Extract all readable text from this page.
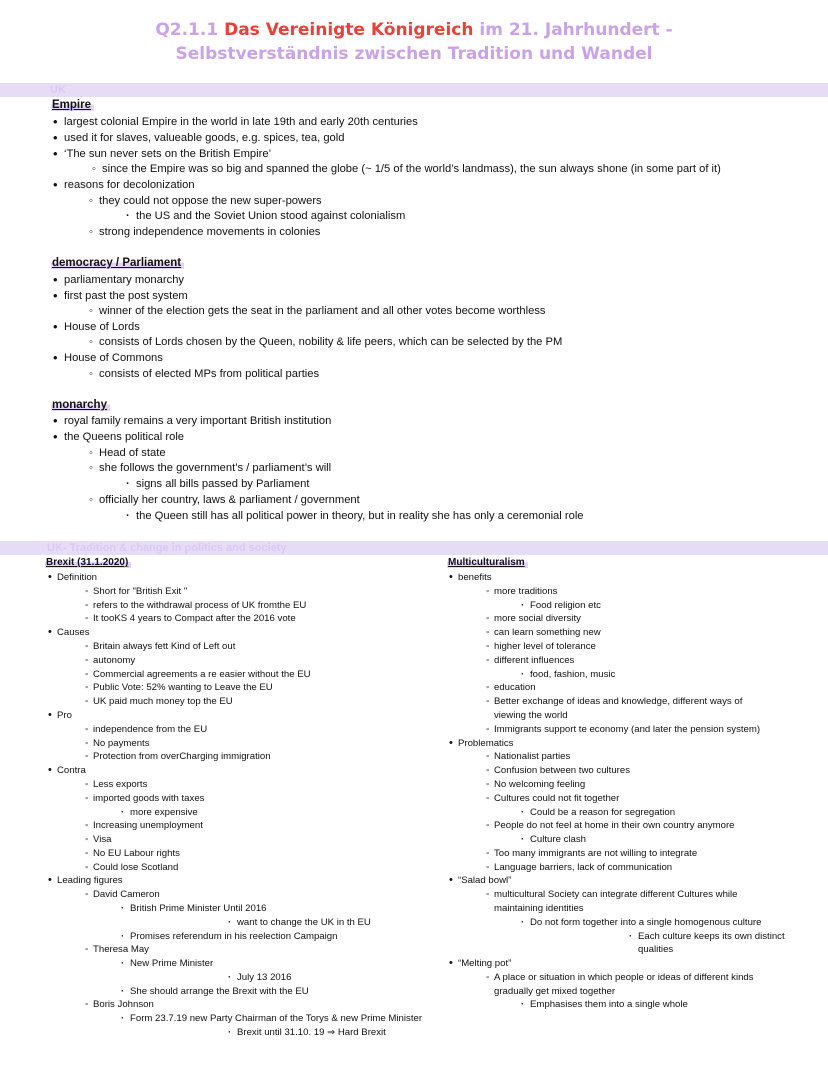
Q2.1.1 Das Vereinigte Königreich im 21. Jahrhundert -
Selbstverständnis zwischen Tradition und Wandel
UK
Empire
• largest colonial Empire in the world in late 19th and early 20th centuries
• used it for slaves, valueable goods, e.g. spices, tea, gold
• ‘The sun never sets on the British Empire’
◦ since the Empire was so big and spanned the globe (~ 1/5 of the world’s landmass), the sun always shone (in some part of it)
• reasons for decolonization
◦ they could not oppose the new super-powers
· the US and the Soviet Union stood against colonialism
◦ strong independence movements in colonies
democracy / Parliament
• parliamentary monarchy
• first past the post system
◦ winner of the election gets the seat in the parliament and all other votes become worthless
• House of Lords
◦ consists of Lords chosen by the Queen, nobility & life peers, which can be selected by the PM
• House of Commons
◦ consists of elected MPs from political parties
monarchy
• royal family remains a very important British institution
• the Queens political role
◦ Head of state
◦ she follows the government’s / parliament’s will
· signs all bills passed by Parliament
◦ officially her country, laws & parliament / government
· the Queen still has all political power in theory, but in reality she has only a ceremonial role
UK- Tradition & change in politics and society
Brexit (31.1.2020)
• Definition
◦ Short for "British Exit "
◦ refers to the withdrawal process of UK fromthe EU
◦ It tooKS 4 years to Compact after the 2016 vote
• Causes
◦ Britain always fett Kind of Left out
◦ autonomy
◦ Commercial agreements a re easier without the EU
◦ Public Vote: 52% wanting to Leave the EU
◦ UK paid much money top the EU
• Pro
◦ independence from the EU
◦ No payments
◦ Protection from overCharging immigration
• Contra
◦ Less exports
◦ imported goods with taxes
· more expensive
◦ Increasing unemployment
◦ Visa
◦ No EU Labour rights
◦ Could lose Scotland
• Leading figures
◦ David Cameron
· British Prime Minister Until 2016
· want to change the UK in th EU
· Promises referendum in his reelection Campaign
◦ Theresa May
· New Prime Minister
· July 13 2016
· She should arrange the Brexit with the EU
◦ Boris Johnson
· Form 23.7.19 new Party Chairman of the Torys & new Prime Minister
· Brexit until 31.10. 19 ⇒ Hard Brexit
Multiculturalism
• benefits
◦ more traditions
· Food religion etc
◦ more social diversity
◦ can learn something new
◦ higher level of tolerance
◦ different influences
· food, fashion, music
◦ education
◦ Better exchange of ideas and knowledge, different ways of
viewing the world
◦ Immigrants support te economy (and later the pension system)
• Problematics
◦ Nationalist parties
◦ Confusion between two cultures
◦ No welcoming feeling
◦ Cultures could not fit together
· Could be a reason for segregation
◦ People do not feel at home in their own country anymore
· Culture clash
◦ Too many immigrants are not willing to integrate
◦ Language barriers, lack of communication
• “Salad bowl”
◦ multicultural Society can integrate different Cultures while
maintaining identities
· Do not form together into a single homogenous culture
· Each culture keeps its own distinct
qualities
• “Melting pot”
◦ A place or situation in which people or ideas of different kinds
gradually get mixed together
· Emphasises them into a single whole
